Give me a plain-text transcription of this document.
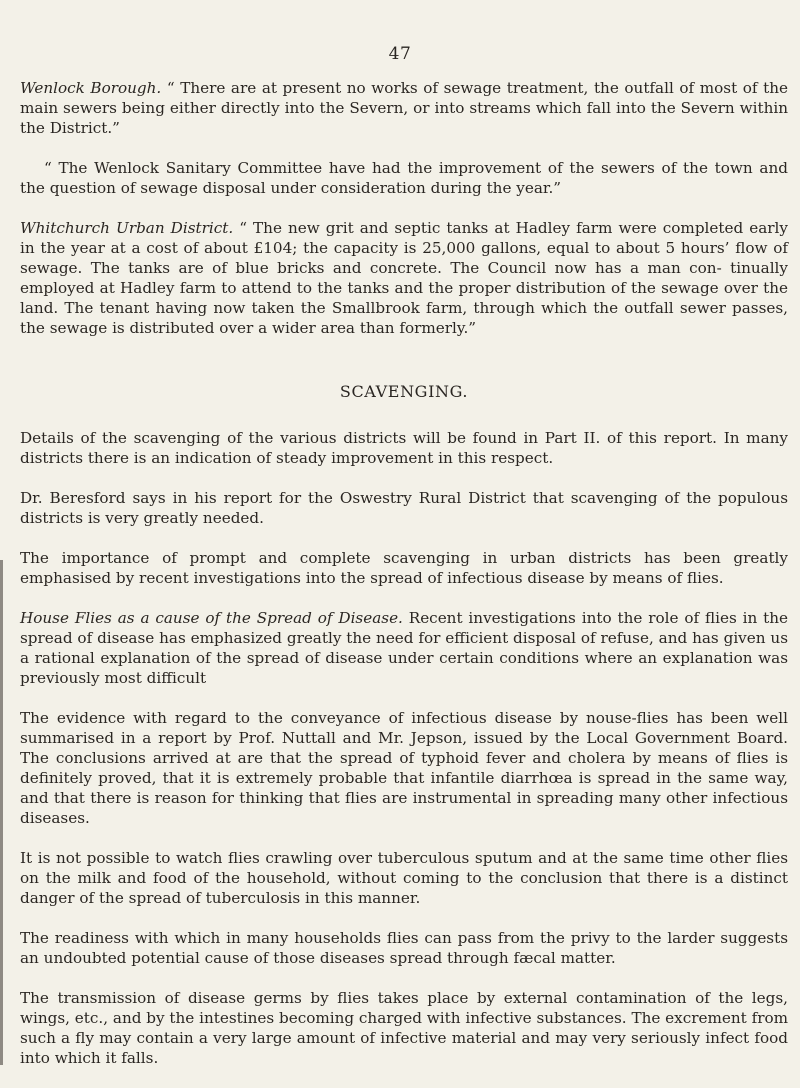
47

Wenlock Borough. “ There are at present no works of sewage treatment, the outfall of most of the main sewers being either directly into the Severn, or into streams which fall into the Severn within the District.”

“ The Wenlock Sanitary Committee have had the improvement of the sewers of the town and the question of sewage disposal under consideration during the year.”

Whitchurch Urban District. “ The new grit and septic tanks at Hadley farm were completed early in the year at a cost of about £104; the capacity is 25,000 gallons, equal to about 5 hours’ flow of sewage. The tanks are of blue bricks and concrete. The Council now has a man con- tinually employed at Hadley farm to attend to the tanks and the proper distribution of the sewage over the land. The tenant having now taken the Smallbrook farm, through which the outfall sewer passes, the sewage is distributed over a wider area than formerly.”

SCAVENGING.

Details of the scavenging of the various districts will be found in Part II. of this report. In many districts there is an indication of steady improvement in this respect.

Dr. Beresford says in his report for the Oswestry Rural District that scavenging of the populous districts is very greatly needed.

The importance of prompt and complete scavenging in urban districts has been greatly emphasised by recent investigations into the spread of infectious disease by means of flies.

House Flies as a cause of the Spread of Disease. Recent investigations into the role of flies in the spread of disease has emphasized greatly the need for efficient disposal of refuse, and has given us a rational explanation of the spread of disease under certain conditions where an explanation was previously most difficult

The evidence with regard to the conveyance of infectious disease by nouse-flies has been well summarised in a report by Prof. Nuttall and Mr. Jepson, issued by the Local Government Board. The conclusions arrived at are that the spread of typhoid fever and cholera by means of flies is definitely proved, that it is extremely probable that infantile diarrhœa is spread in the same way, and that there is reason for thinking that flies are instrumental in spreading many other infectious diseases.

It is not possible to watch flies crawling over tuberculous sputum and at the same time other flies on the milk and food of the household, without coming to the conclusion that there is a distinct danger of the spread of tuberculosis in this manner.

The readiness with which in many households flies can pass from the privy to the larder suggests an undoubted potential cause of those diseases spread through fæcal matter.

The transmission of disease germs by flies takes place by external contamination of the legs, wings, etc., and by the intestines becoming charged with infective substances. The excrement from such a fly may contain a very large amount of infective material and may very seriously infect food into which it falls.
